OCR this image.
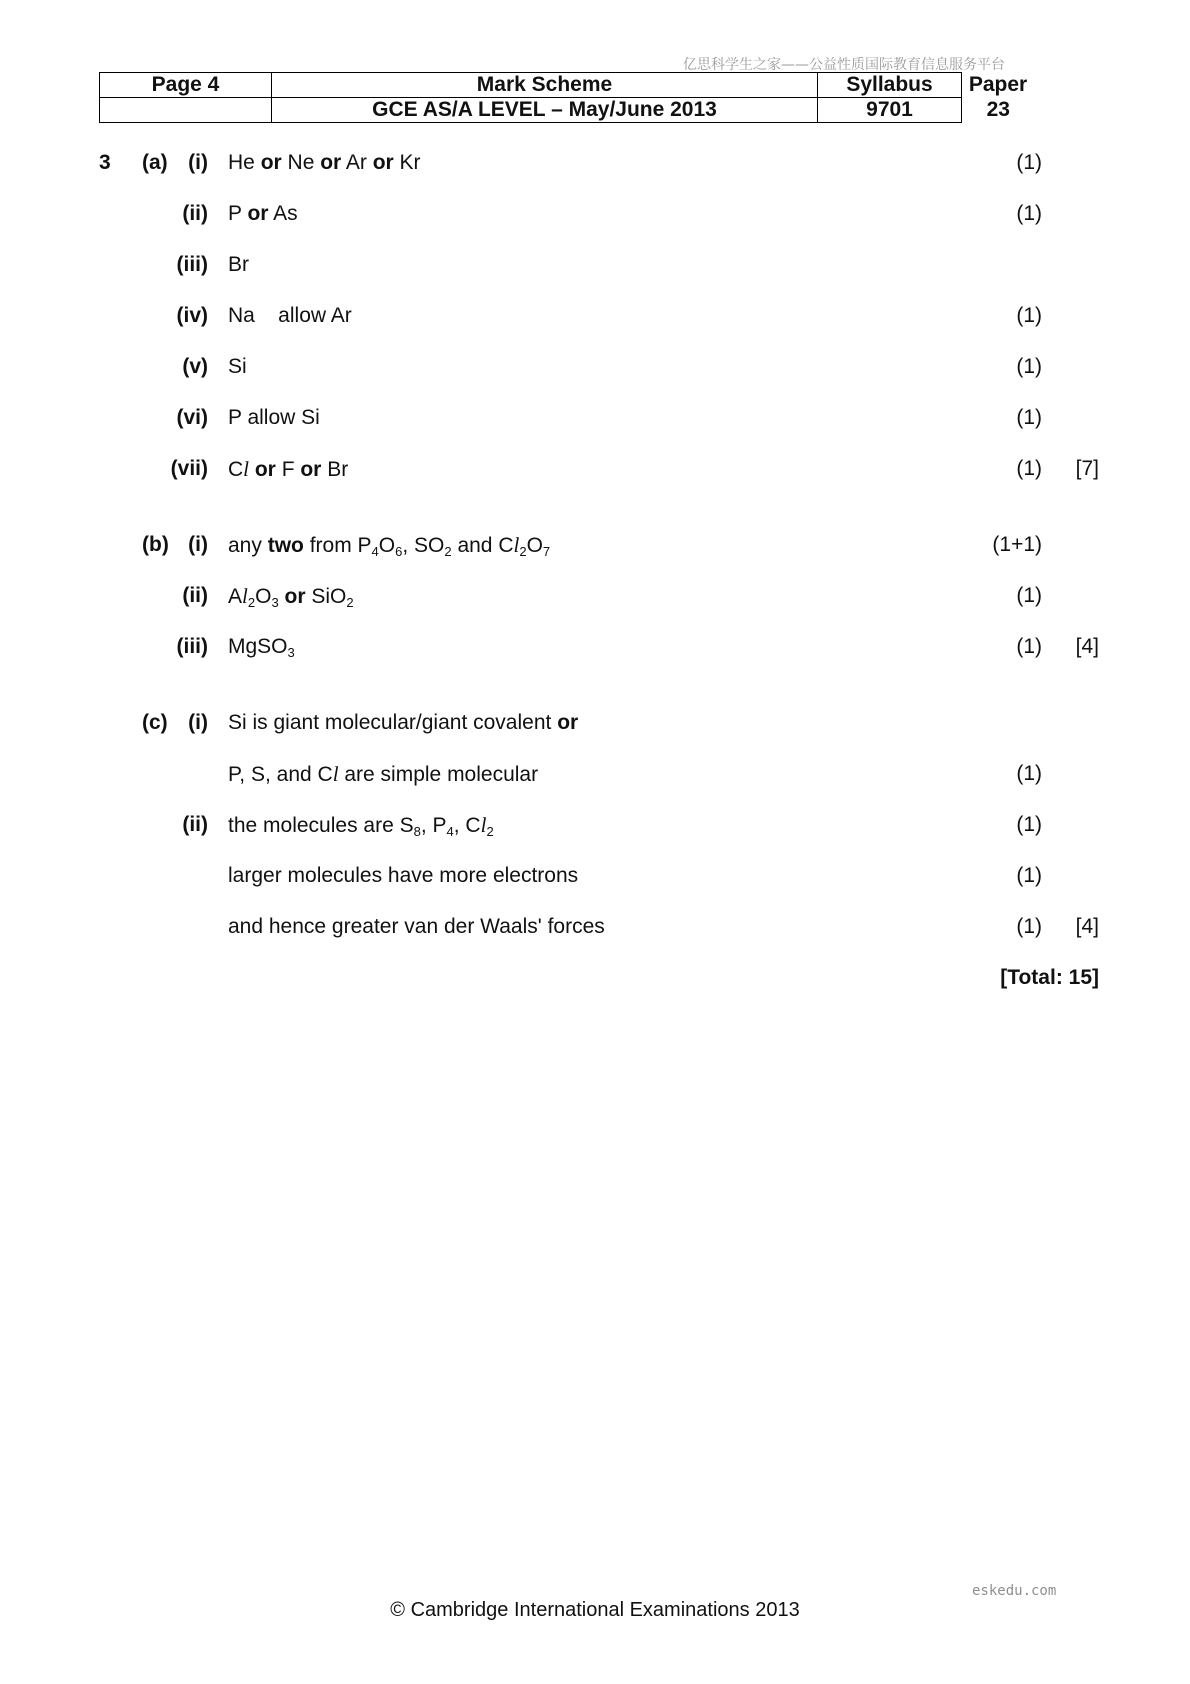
亿思科学生之家——公益性质国际教育信息服务平台
Page 4	Mark Scheme	Syllabus	Paper
	GCE AS/A LEVEL – May/June 2013	9701	23
3 (a) (i) He or Ne or Ar or Kr	(1)
(ii) P or As	(1)
(iii) Br
(iv) Na    allow Ar	(1)
(v) Si	(1)
(vi) P allow Si	(1)
(vii) Cl or F or Br	(1)	[7]
(b) (i) any two from $P_4O_6$, $SO_2$ and $Cl_2O_7$	(1+1)
(ii) $Al_2O_3$ or SiO$_2$	(1)
(iii) MgSO$_3$	(1)	[4]
(c) (i) Si is giant molecular/giant covalent or
P, S, and Cl are simple molecular	(1)
(ii) the molecules are $S_8$, $P_4$, $Cl_2$	(1)
larger molecules have more electrons	(1)
and hence greater van der Waals' forces	(1)	[4]
[Total: 15]
eskedu.com
© Cambridge International Examinations 2013
